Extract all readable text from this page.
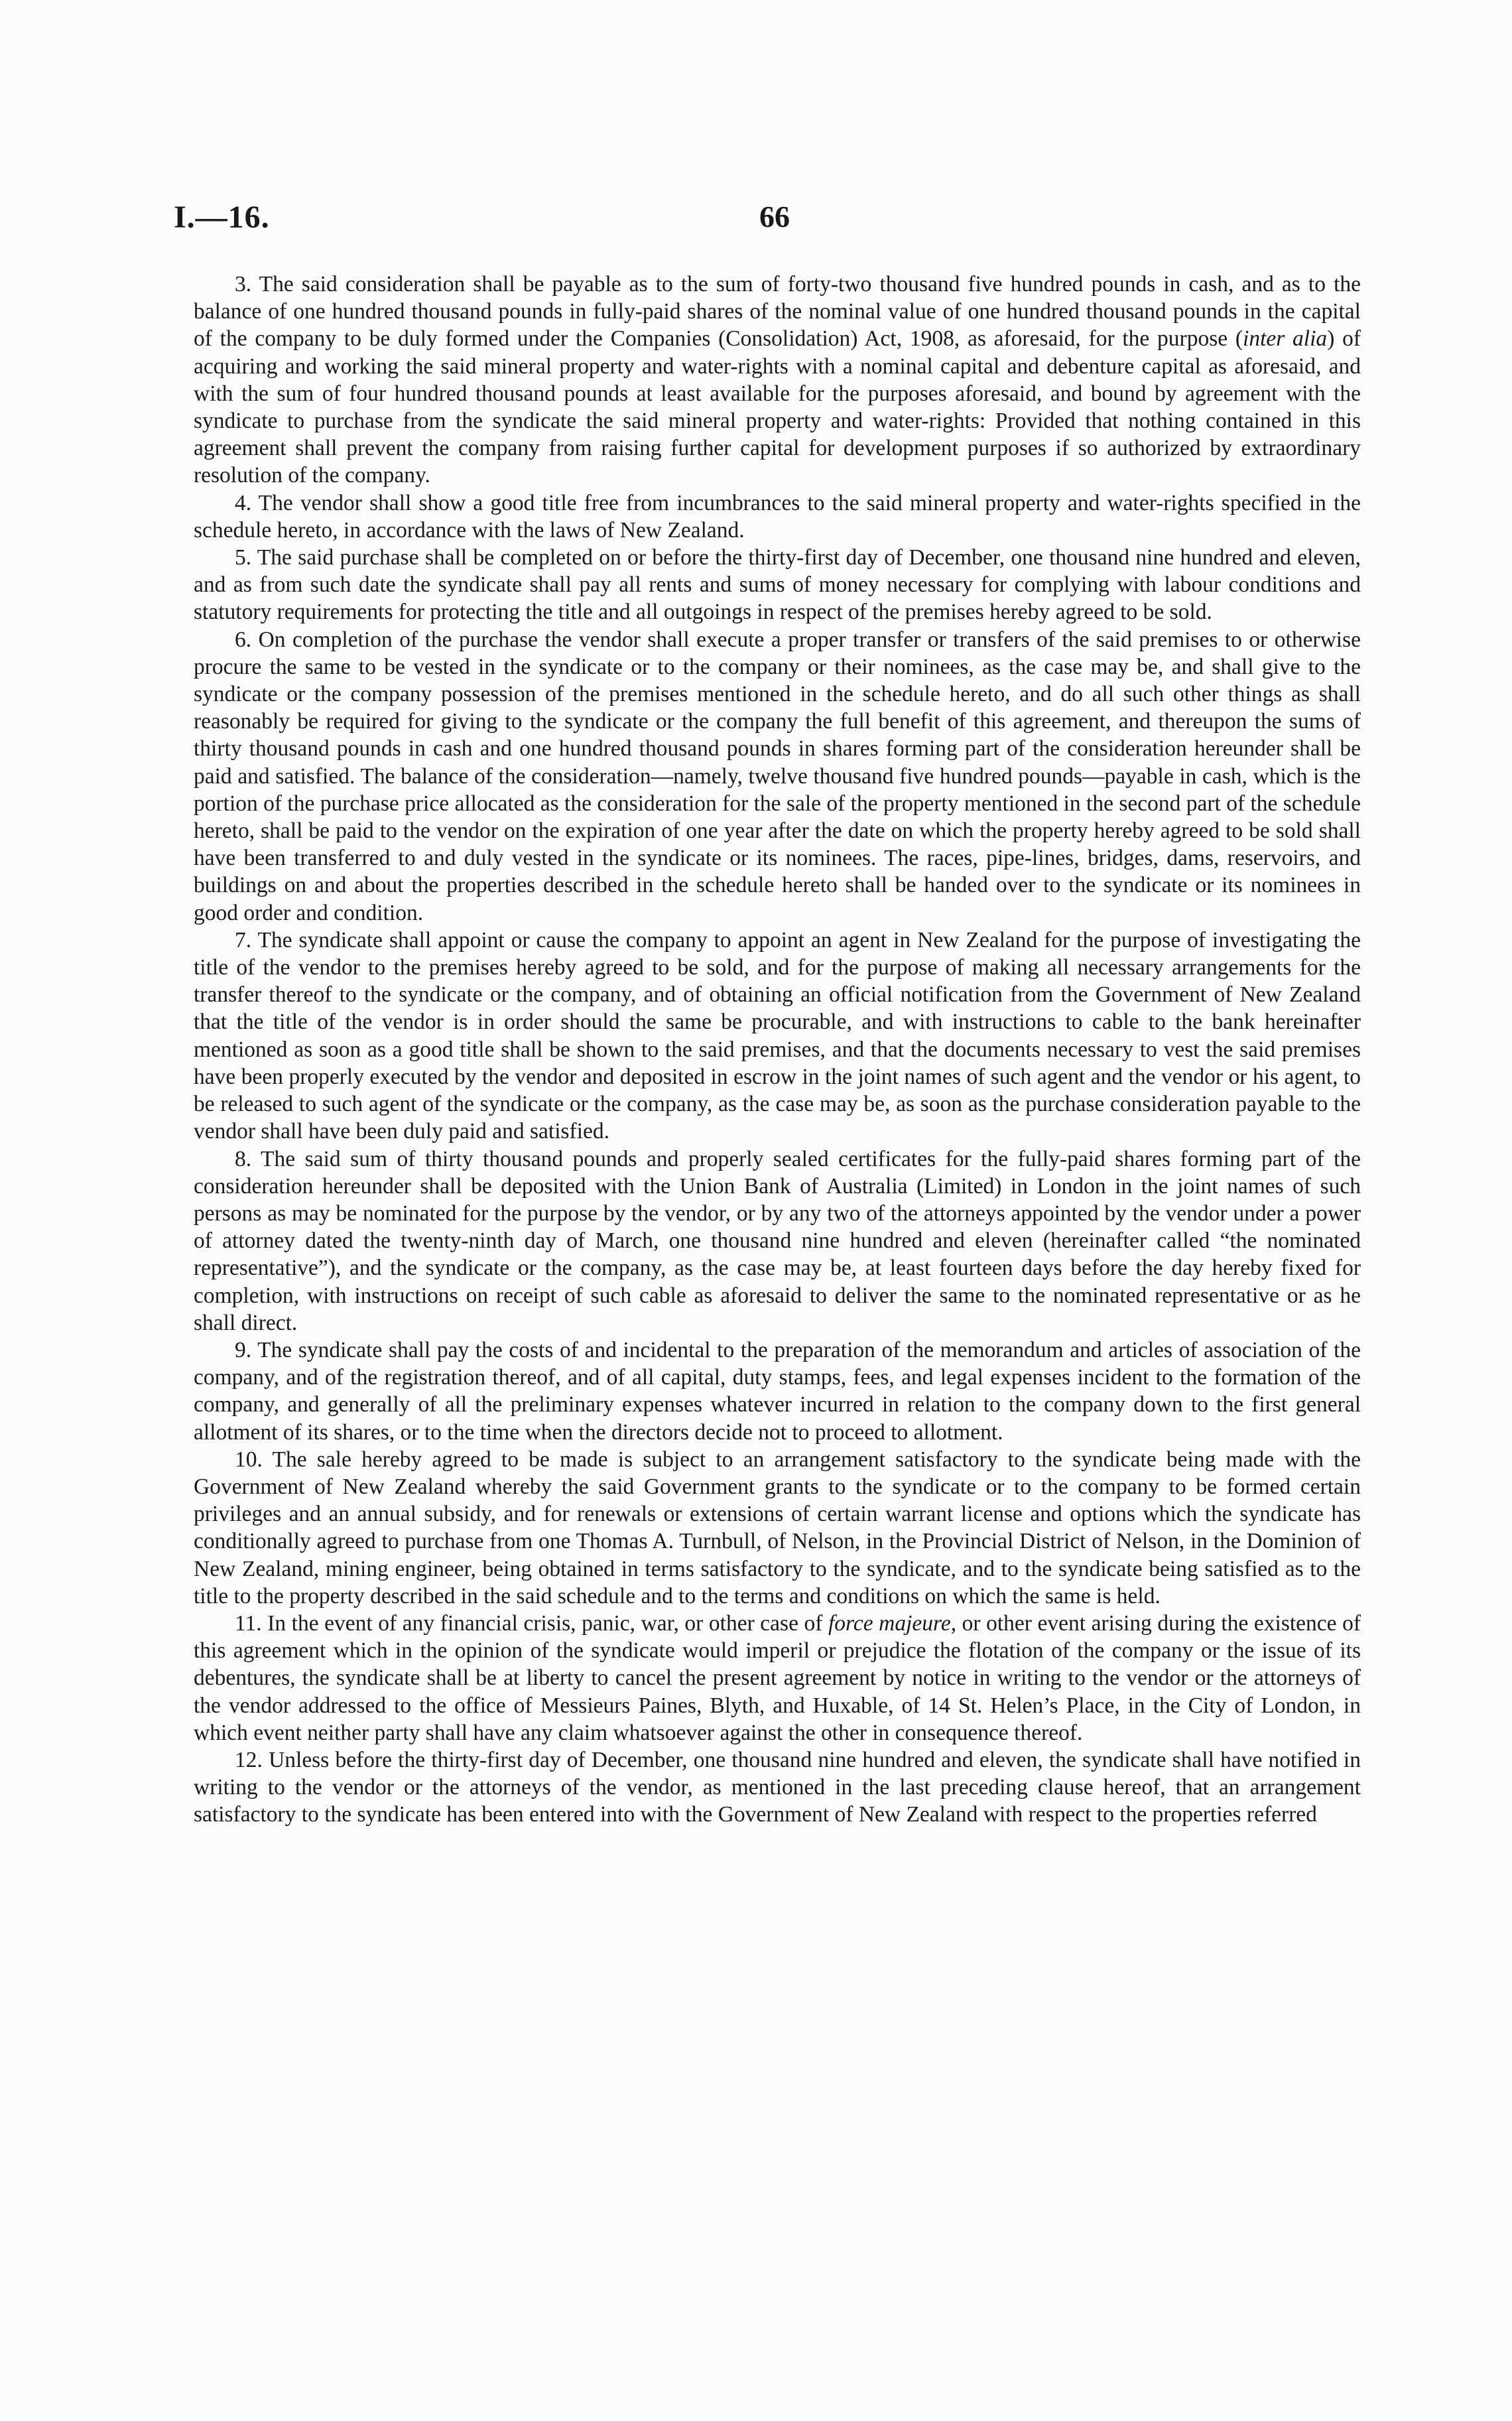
I.—16.	66

3. The said consideration shall be payable as to the sum of forty-two thousand five hundred pounds in cash, and as to the balance of one hundred thousand pounds in fully-paid shares of the nominal value of one hundred thousand pounds in the capital of the company to be duly formed under the Companies (Consolidation) Act, 1908, as aforesaid, for the purpose (inter alia) of acquiring and working the said mineral property and water-rights with a nominal capital and debenture capital as aforesaid, and with the sum of four hundred thousand pounds at least available for the purposes aforesaid, and bound by agreement with the syndicate to purchase from the syndicate the said mineral property and water-rights: Provided that nothing contained in this agreement shall prevent the company from raising further capital for development purposes if so authorized by extraordinary resolution of the company.

4. The vendor shall show a good title free from incumbrances to the said mineral property and water-rights specified in the schedule hereto, in accordance with the laws of New Zealand.

5. The said purchase shall be completed on or before the thirty-first day of December, one thousand nine hundred and eleven, and as from such date the syndicate shall pay all rents and sums of money necessary for complying with labour conditions and statutory requirements for protecting the title and all outgoings in respect of the premises hereby agreed to be sold.

6. On completion of the purchase the vendor shall execute a proper transfer or transfers of the said premises to or otherwise procure the same to be vested in the syndicate or to the company or their nominees, as the case may be, and shall give to the syndicate or the company possession of the premises mentioned in the schedule hereto, and do all such other things as shall reasonably be required for giving to the syndicate or the company the full benefit of this agreement, and thereupon the sums of thirty thousand pounds in cash and one hundred thousand pounds in shares forming part of the consideration hereunder shall be paid and satisfied. The balance of the consideration—namely, twelve thousand five hundred pounds—payable in cash, which is the portion of the purchase price allocated as the consideration for the sale of the property mentioned in the second part of the schedule hereto, shall be paid to the vendor on the expiration of one year after the date on which the property hereby agreed to be sold shall have been transferred to and duly vested in the syndicate or its nominees. The races, pipe-lines, bridges, dams, reservoirs, and buildings on and about the properties described in the schedule hereto shall be handed over to the syndicate or its nominees in good order and condition.

7. The syndicate shall appoint or cause the company to appoint an agent in New Zealand for the purpose of investigating the title of the vendor to the premises hereby agreed to be sold, and for the purpose of making all necessary arrangements for the transfer thereof to the syndicate or the company, and of obtaining an official notification from the Government of New Zealand that the title of the vendor is in order should the same be procurable, and with instructions to cable to the bank hereinafter mentioned as soon as a good title shall be shown to the said premises, and that the documents necessary to vest the said premises have been properly executed by the vendor and deposited in escrow in the joint names of such agent and the vendor or his agent, to be released to such agent of the syndicate or the company, as the case may be, as soon as the purchase consideration payable to the vendor shall have been duly paid and satisfied.

8. The said sum of thirty thousand pounds and properly sealed certificates for the fully-paid shares forming part of the consideration hereunder shall be deposited with the Union Bank of Australia (Limited) in London in the joint names of such persons as may be nominated for the purpose by the vendor, or by any two of the attorneys appointed by the vendor under a power of attorney dated the twenty-ninth day of March, one thousand nine hundred and eleven (hereinafter called “the nominated representative”), and the syndicate or the company, as the case may be, at least fourteen days before the day hereby fixed for completion, with instructions on receipt of such cable as aforesaid to deliver the same to the nominated representative or as he shall direct.

9. The syndicate shall pay the costs of and incidental to the preparation of the memorandum and articles of association of the company, and of the registration thereof, and of all capital, duty stamps, fees, and legal expenses incident to the formation of the company, and generally of all the preliminary expenses whatever incurred in relation to the company down to the first general allotment of its shares, or to the time when the directors decide not to proceed to allotment.

10. The sale hereby agreed to be made is subject to an arrangement satisfactory to the syndicate being made with the Government of New Zealand whereby the said Government grants to the syndicate or to the company to be formed certain privileges and an annual subsidy, and for renewals or extensions of certain warrant license and options which the syndicate has conditionally agreed to purchase from one Thomas A. Turnbull, of Nelson, in the Provincial District of Nelson, in the Dominion of New Zealand, mining engineer, being obtained in terms satisfactory to the syndicate, and to the syndicate being satisfied as to the title to the property described in the said schedule and to the terms and conditions on which the same is held.

11. In the event of any financial crisis, panic, war, or other case of force majeure, or other event arising during the existence of this agreement which in the opinion of the syndicate would imperil or prejudice the flotation of the company or the issue of its debentures, the syndicate shall be at liberty to cancel the present agreement by notice in writing to the vendor or the attorneys of the vendor addressed to the office of Messieurs Paines, Blyth, and Huxable, of 14 St. Helen’s Place, in the City of London, in which event neither party shall have any claim whatsoever against the other in consequence thereof.

12. Unless before the thirty-first day of December, one thousand nine hundred and eleven, the syndicate shall have notified in writing to the vendor or the attorneys of the vendor, as mentioned in the last preceding clause hereof, that an arrangement satisfactory to the syndicate has been entered into with the Government of New Zealand with respect to the properties referred
